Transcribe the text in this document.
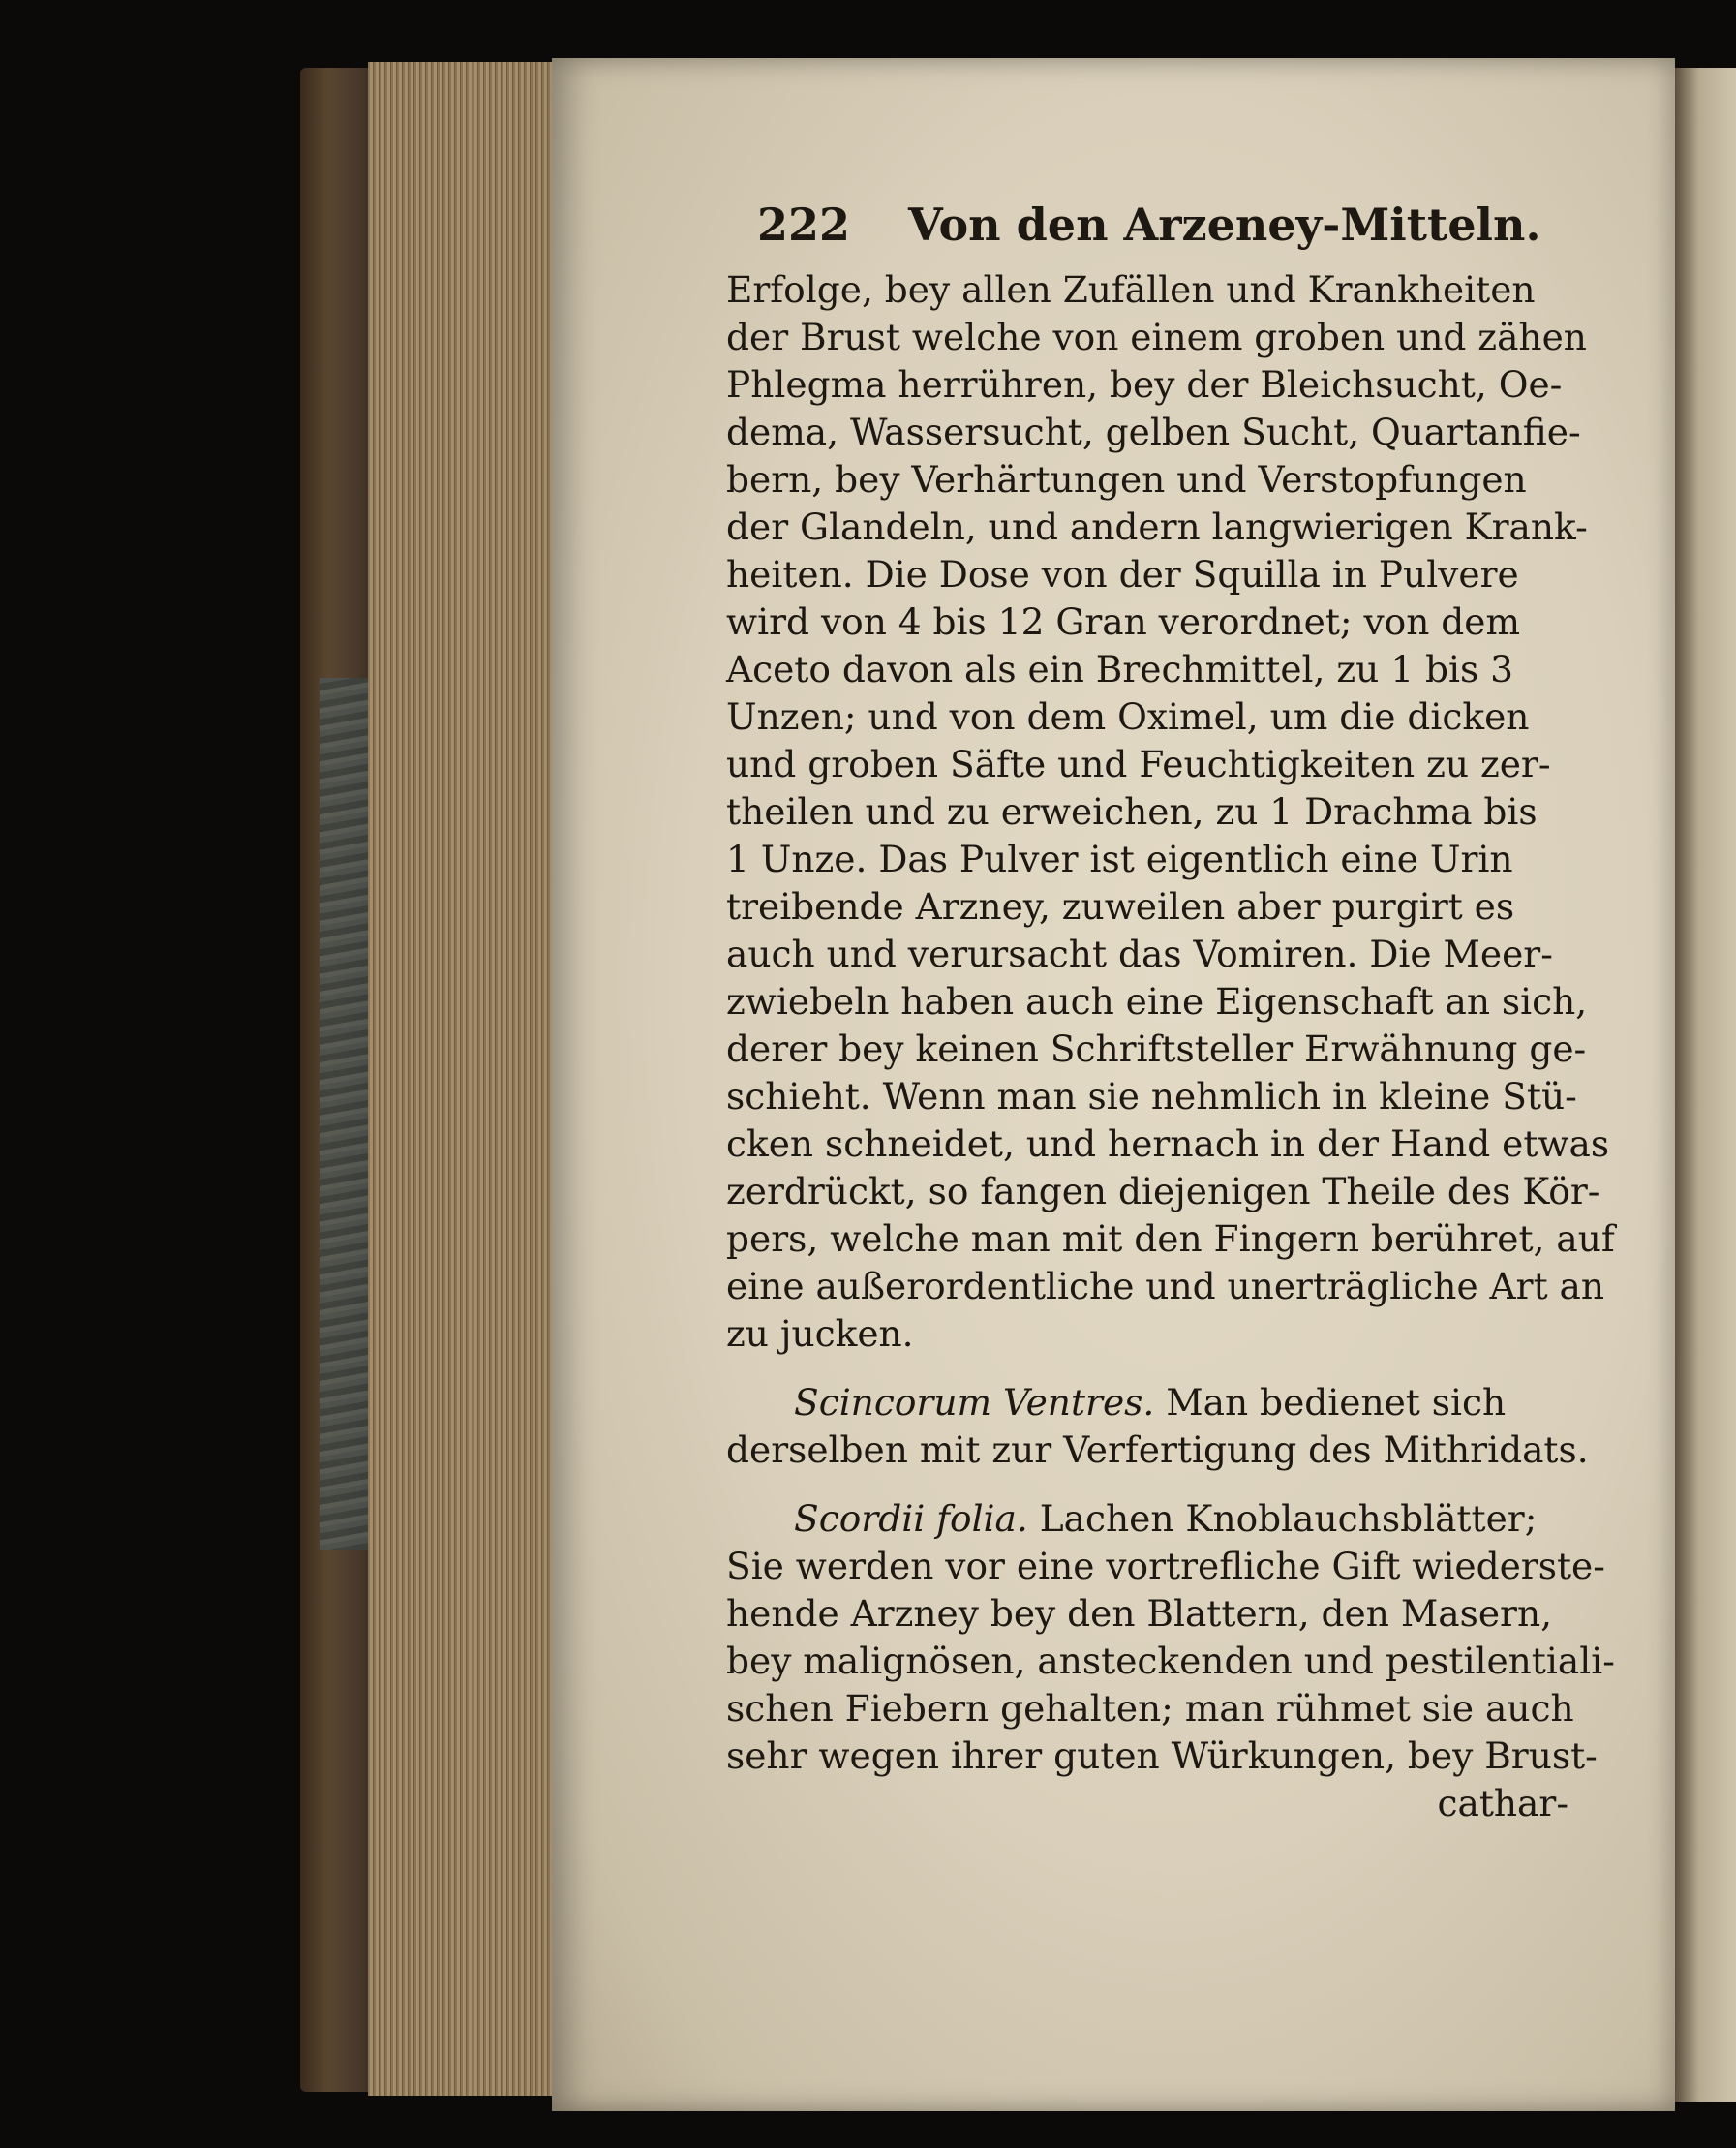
222 Von den Arzeney-Mitteln.

Erfolge, bey allen Zufällen und Krankheiten
der Brust welche von einem groben und zähen
Phlegma herrühren, bey der Bleichsucht, Oe-
dema, Wassersucht, gelben Sucht, Quartanfie-
bern, bey Verhärtungen und Verstopfungen
der Glandeln, und andern langwierigen Krank-
heiten. Die Dose von der Squilla in Pulvere
wird von 4 bis 12 Gran verordnet; von dem
Aceto davon als ein Brechmittel, zu 1 bis 3
Unzen; und von dem Oximel, um die dicken
und groben Säfte und Feuchtigkeiten zu zer-
theilen und zu erweichen, zu 1 Drachma bis
1 Unze. Das Pulver ist eigentlich eine Urin
treibende Arzney, zuweilen aber purgirt es
auch und verursacht das Vomiren. Die Meer-
zwiebeln haben auch eine Eigenschaft an sich,
derer bey keinen Schriftsteller Erwähnung ge-
schieht. Wenn man sie nehmlich in kleine Stü-
cken schneidet, und hernach in der Hand etwas
zerdrückt, so fangen diejenigen Theile des Kör-
pers, welche man mit den Fingern berühret, auf
eine außerordentliche und unerträgliche Art an
zu jucken.

Scincorum Ventres. Man bedienet sich
derselben mit zur Verfertigung des Mithridats.

Scordii folia. Lachen Knoblauchsblätter;
Sie werden vor eine vortrefliche Gift wiederste-
hende Arzney bey den Blattern, den Masern,
bey malignösen, ansteckenden und pestilentiali-
schen Fiebern gehalten; man rühmet sie auch
sehr wegen ihrer guten Würkungen, bey Brust-

cathar-
